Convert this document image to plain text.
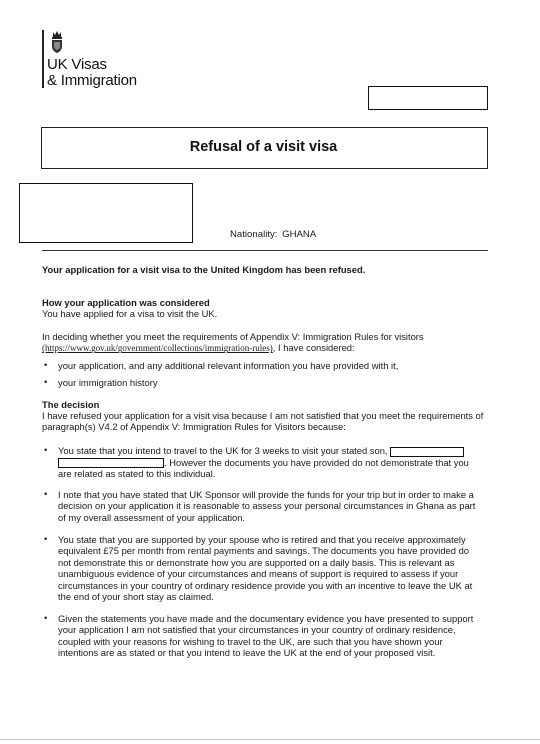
UK Visas
& Immigration
Refusal of a visit visa
Nationality: GHANA
Your application for a visit visa to the United Kingdom has been refused.
How your application was considered
You have applied for a visa to visit the UK.
In deciding whether you meet the requirements of Appendix V: Immigration Rules for visitors
(https://www.gov.uk/government/collections/immigration-rules), I have considered:
•	your application, and any additional relevant information you have provided with it,
•	your immigration history
The decision
I have refused your application for a visit visa because I am not satisfied that you meet the requirements of paragraph(s) V4.2 of Appendix V: Immigration Rules for Visitors because:
•	You state that you intend to travel to the UK for 3 weeks to visit your stated son,  . However the documents you have provided do not demonstrate that you are related as stated to this individual.
•	I note that you have stated that UK Sponsor will provide the funds for your trip but in order to make a decision on your application it is reasonable to assess your personal circumstances in Ghana as part of my overall assessment of your application.
•	You state that you are supported by your spouse who is retired and that you receive approximately equivalent £75 per month from rental payments and savings. The documents you have provided do not demonstrate this or demonstrate how you are supported on a daily basis. This is relevant as unambiguous evidence of your circumstances and means of support is required to assess if your circumstances in your country of ordinary residence provide you with an incentive to leave the UK at the end of your short stay as claimed.
•	Given the statements you have made and the documentary evidence you have presented to support your application I am not satisfied that your circumstances in your country of ordinary residence, coupled with your reasons for wishing to travel to the UK, are such that you have shown your intentions are as stated or that you intend to leave the UK at the end of your proposed visit.
